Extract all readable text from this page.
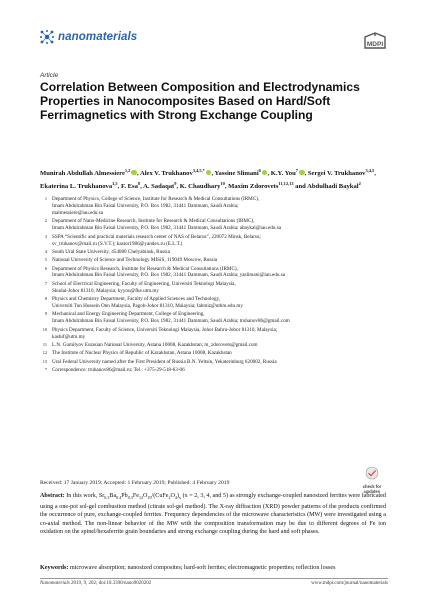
nanomaterials
MDPI
Article
Correlation Between Composition and Electrodynamics Properties in Nanocomposites Based on Hard/Soft Ferrimagnetics with Strong Exchange Coupling
Munirah Abdullah Almessiere$^{1,2}$ , Alex V. Trukhanov$^{3,4,5,*}$ , Yassine Slimani$^6$ , K.Y. You$^7$ , Sergei V. Trukhanov$^{3,4,5}$, Ekaterina L. Trukhanova$^{3,5}$, F. Esa$^8$, A. Sadaqat$^9$, K. Chaudhary$^{10}$, Maxim Zdorovets$^{11,12,13}$ and Abdulhadi Baykal$^2$
1 Department of Physics, College of Science, Institute for Research & Medical Consultations (IRMC),
Imam Abdulrahman Bin Faisal University, P.O. Box 1982, 31441 Dammam, Saudi Arabia;
malmessiere@iau.edu.sa
2 Department of Nano-Medicine Research, Institute for Research & Medical Consultations (IRMC),
Imam Abdulrahman Bin Faisal University, P.O. Box 1982, 31441 Dammam, Saudi Arabia; abaykal@iau.edu.sa
3 SSPA “Scientific and practical materials research center of NAS of Belarus”, 220072 Minsk, Belarus;
sv_truhanov@mail.ru (S.V.T.); kastor1986@yandex.ru (E.L.T.)
4 South Ural State University, 454080 Chelyabinsk, Russia
5 National University of Science and Technology MISiS, 119049 Moscow, Russia
6 Department of Physics Research, Institute for Research & Medical Consultations (IRMC),
Imam Abdulrahman Bin Faisal University, P.O. Box 1982, 31441 Dammam, Saudi Arabia; yaslimani@iau.edu.sa
7 School of Electrical Engineering, Faculty of Engineering, Universiti Teknologi Malaysia,
Skudai-Johor 81310, Malaysia; kyyou@fke.utm.my
8 Physics and Chemistry Department, Faculty of Applied Sciences and Technology,
Universiti Tun Hussein Onn Malaysia, Pagoh-Johor 81310, Malaysia; fahmiz@uthm.edu.my
9 Mechanical and Energy Engineering Department, College of Engineering,
Imam Abdulrahman Bin Faisal University, P.O. Box 1982, 31441 Dammam, Saudi Arabia; truhanov86@gmail.com
10 Physics Department, Faculty of Science, Universiti Teknologi Malaysia, Johor Bahru-Johor 81310, Malaysia;
kashif@utm.my
11 L.N. Gumilyov Eurasian National University, Astana 10008, Kazakhstan; m_zdorovets@gmail.com
12 The Institute of Nuclear Physics of Republic of Kazakhstan, Astana 10008, Kazakhstan
13 Ural Federal University named after the First President of Russia B.N. Yeltsin, Yekaterinburg 620002, Russia
* Correspondence: truhanov86@mail.ru; Tel.: +375-29-518-63-06
check for
updates
Received: 17 January 2019; Accepted: 1 February 2019; Published: 4 February 2019
Abstract: In this work, $Sr_{0.3}Ba_{0.4}Pb_{0.3}Fe_{12}O_{19}/(CuFe_2O_4)_x$ (x = 2, 3, 4, and 5) as strongly exchange-coupled nanosized ferrites were fabricated using a one-pot sol-gel combustion method (citrate sol-gel method). The X-ray diffraction (XRD) powder patterns of the products confirmed the occurrence of pure, exchange-coupled ferrites. Frequency dependencies of the microwave characteristics (MW) were investigated using a co-axial method. The non-linear behavior of the MW with the composition transformation may be due to different degrees of Fe ion oxidation on the spinel/hexaferrite grain boundaries and strong exchange coupling during the hard and soft phases.
Keywords: microwave absorption; nanosized composites; hard-soft ferrites; electromagnetic properties; reflection losses
Nanomaterials 2019, 9, 202; doi:10.3390/nano9020202	www.mdpi.com/journal/nanomaterials
